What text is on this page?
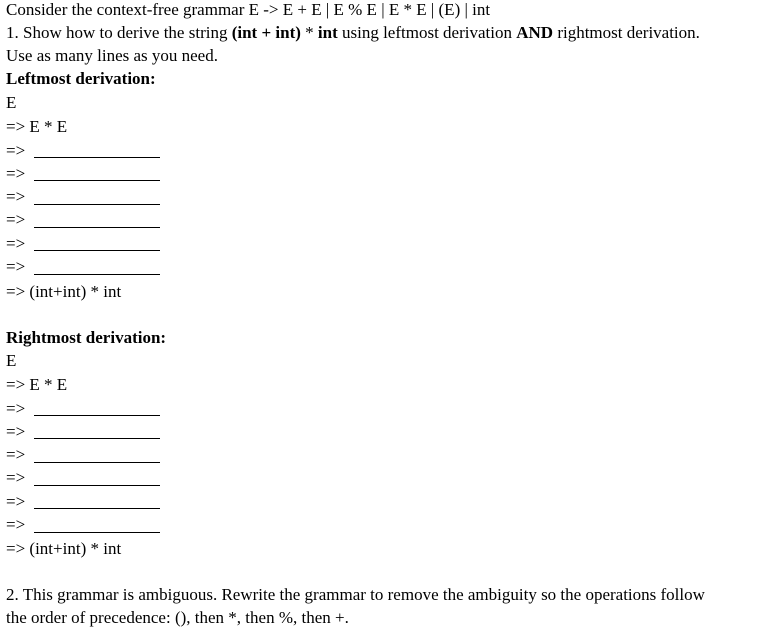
Consider the context-free grammar E -> E + E | E % E | E * E | (E) | int
1. Show how to derive the string (int + int) * int using leftmost derivation AND rightmost derivation.
Use as many lines as you need.
Leftmost derivation:
E
=> E * E
=>
=>
=>
=>
=>
=>
=> (int+int) * int
Rightmost derivation:
E
=> E * E
=>
=>
=>
=>
=>
=>
=> (int+int) * int
2. This grammar is ambiguous. Rewrite the grammar to remove the ambiguity so the operations follow
the order of precedence: (), then *, then %, then +.
